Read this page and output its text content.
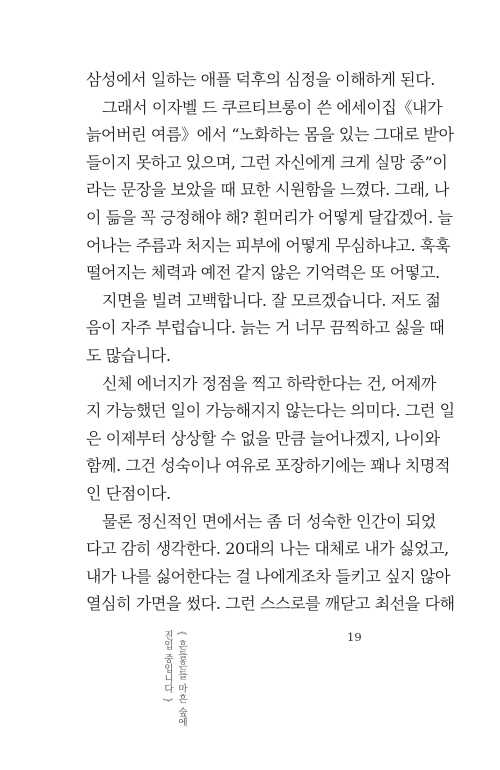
삼성에서 일하는 애플 덕후의 심정을 이해하게 된다.
그래서 이자벨 드 쿠르티브롱이 쓴 에세이집《내가
늙어버린 여름》에서 “노화하는 몸을 있는 그대로 받아
들이지 못하고 있으며, 그런 자신에게 크게 실망 중”이
라는 문장을 보았을 때 묘한 시원함을 느꼈다. 그래, 나
이 듦을 꼭 긍정해야 해? 흰머리가 어떻게 달갑겠어. 늘
어나는 주름과 처지는 피부에 어떻게 무심하냐고. 훅훅
떨어지는 체력과 예전 같지 않은 기억력은 또 어떻고.
지면을 빌려 고백합니다. 잘 모르겠습니다. 저도 젊
음이 자주 부럽습니다. 늙는 거 너무 끔찍하고 싫을 때
도 많습니다.
신체 에너지가 정점을 찍고 하락한다는 건, 어제까
지 가능했던 일이 가능해지지 않는다는 의미다. 그런 일
은 이제부터 상상할 수 없을 만큼 늘어나겠지, 나이와
함께. 그건 성숙이나 여유로 포장하기에는 꽤나 치명적
인 단점이다.
물론 정신적인 면에서는 좀 더 성숙한 인간이 되었
다고 감히 생각한다. 20대의 나는 대체로 내가 싫었고,
내가 나를 싫어한다는 걸 나에게조차 들키고 싶지 않아
열심히 가면을 썼다. 그런 스스로를 깨닫고 최선을 다해
{ 흔들흔들 마흔 숲에
진입 중입니다 }
19
